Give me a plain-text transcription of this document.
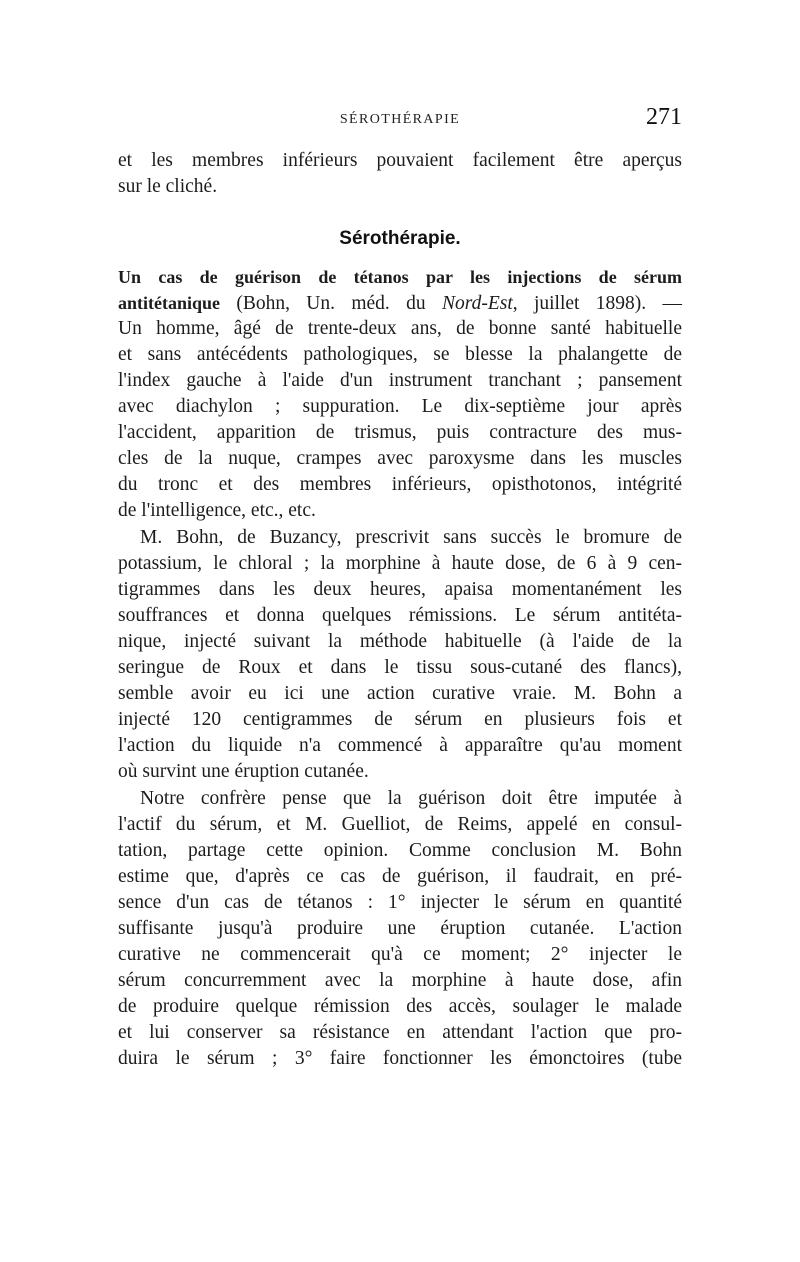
SÉROTHÉRAPIE	271
et les membres inférieurs pouvaient facilement être aperçus
sur le cliché.
Sérothérapie.
Un cas de guérison de tétanos par les injections de sérum
antitétanique (Bohn, Un. méd. du Nord-Est, juillet 1898). —
Un homme, âgé de trente-deux ans, de bonne santé habituelle
et sans antécédents pathologiques, se blesse la phalangette de
l'index gauche à l'aide d'un instrument tranchant ; pansement
avec diachylon ; suppuration. Le dix-septième jour après
l'accident, apparition de trismus, puis contracture des mus-
cles de la nuque, crampes avec paroxysme dans les muscles
du tronc et des membres inférieurs, opisthotonos, intégrité
de l'intelligence, etc., etc.
M. Bohn, de Buzancy, prescrivit sans succès le bromure de
potassium, le chloral ; la morphine à haute dose, de 6 à 9 cen-
tigrammes dans les deux heures, apaisa momentanément les
souffrances et donna quelques rémissions. Le sérum antitéta-
nique, injecté suivant la méthode habituelle (à l'aide de la
seringue de Roux et dans le tissu sous-cutané des flancs),
semble avoir eu ici une action curative vraie. M. Bohn a
injecté 120 centigrammes de sérum en plusieurs fois et
l'action du liquide n'a commencé à apparaître qu'au moment
où survint une éruption cutanée.
Notre confrère pense que la guérison doit être imputée à
l'actif du sérum, et M. Guelliot, de Reims, appelé en consul-
tation, partage cette opinion. Comme conclusion M. Bohn
estime que, d'après ce cas de guérison, il faudrait, en pré-
sence d'un cas de tétanos : 1° injecter le sérum en quantité
suffisante jusqu'à produire une éruption cutanée. L'action
curative ne commencerait qu'à ce moment; 2° injecter le
sérum concurremment avec la morphine à haute dose, afin
de produire quelque rémission des accès, soulager le malade
et lui conserver sa résistance en attendant l'action que pro-
duira le sérum ; 3° faire fonctionner les émonctoires (tube
